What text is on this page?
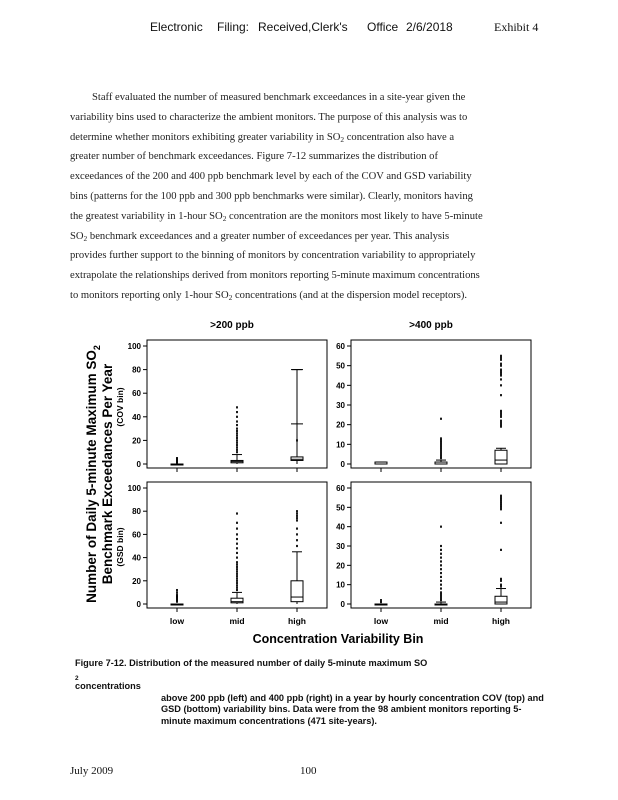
Electronic Filing: Received,Clerk's Office 2/6/2018	Exhibit 4
Staff evaluated the number of measured benchmark exceedances in a site-year given the
variability bins used to characterize the ambient monitors. The purpose of this analysis was to
determine whether monitors exhibiting greater variability in $SO_2$ concentration also have a
greater number of benchmark exceedances. Figure 7-12 summarizes the distribution of
exceedances of the 200 and 400 ppb benchmark level by each of the COV and GSD variability
bins (patterns for the 100 ppb and 300 ppb benchmarks were similar). Clearly, monitors having
the greatest variability in 1-hour $SO_2$ concentration are the monitors most likely to have 5-minute
$SO_2$ benchmark exceedances and a greater number of exceedances per year. This analysis
provides further support to the binning of monitors by concentration variability to appropriately
extrapolate the relationships derived from monitors reporting 5-minute maximum concentrations
to monitors reporting only 1-hour $SO_2$ concentrations (and at the dispersion model receptors).
>200 ppb	>400 ppb
Number of Daily 5-minute Maximum $SO_2$
Benchmark Exceedances Per Year (COV bin)
(GSD bin)
Concentration Variability Bin
0
20
40
60
80
100
0
10
20
30
40
50
60
0
20
40
60
80
100
low	mid	high
0
10
20
30
40
50
60
low	mid	high
Figure 7-12. Distribution of the measured number of daily 5-minute maximum SO
$_2$
concentrations
above 200 ppb (left) and 400 ppb (right) in a year by hourly concentration COV (top) and
GSD (bottom) variability bins. Data were from the 98 ambient monitors reporting 5-
minute maximum concentrations (471 site-years).
July 2009	100
